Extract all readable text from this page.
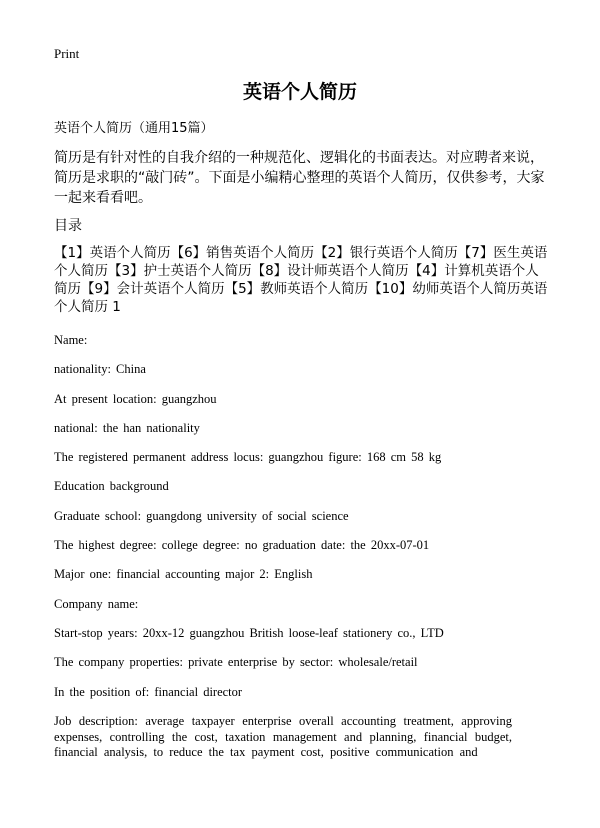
Print
英语个人简历
英语个人简历（通用15篇）
简历是有针对性的自我介绍的一种规范化、逻辑化的书面表达。对应聘者来说，简历是求职的“敲门砖”。下面是小编精心整理的英语个人简历，仅供参考，大家一起来看看吧。
目录
【1】英语个人简历【6】销售英语个人简历【2】银行英语个人简历【7】医生英语个人简历【3】护士英语个人简历【8】设计师英语个人简历【4】计算机英语个人简历【9】会计英语个人简历【5】教师英语个人简历【10】幼师英语个人简历英语个人简历 1
Name:
nationality: China
At present location: guangzhou
national: the han nationality
The registered permanent address locus: guangzhou figure: 168 cm 58 kg
Education background
Graduate school: guangdong university of social science
The highest degree: college degree: no graduation date: the 20xx-07-01
Major one: financial accounting major 2: English
Company name:
Start-stop years: 20xx-12 guangzhou British loose-leaf stationery co., LTD
The company properties: private enterprise by sector: wholesale/retail
In the position of: financial director
Job description: average taxpayer enterprise overall accounting treatment, approving expenses, controlling the cost, taxation management and planning, financial budget, financial analysis, to reduce the tax payment cost, positive communication and
